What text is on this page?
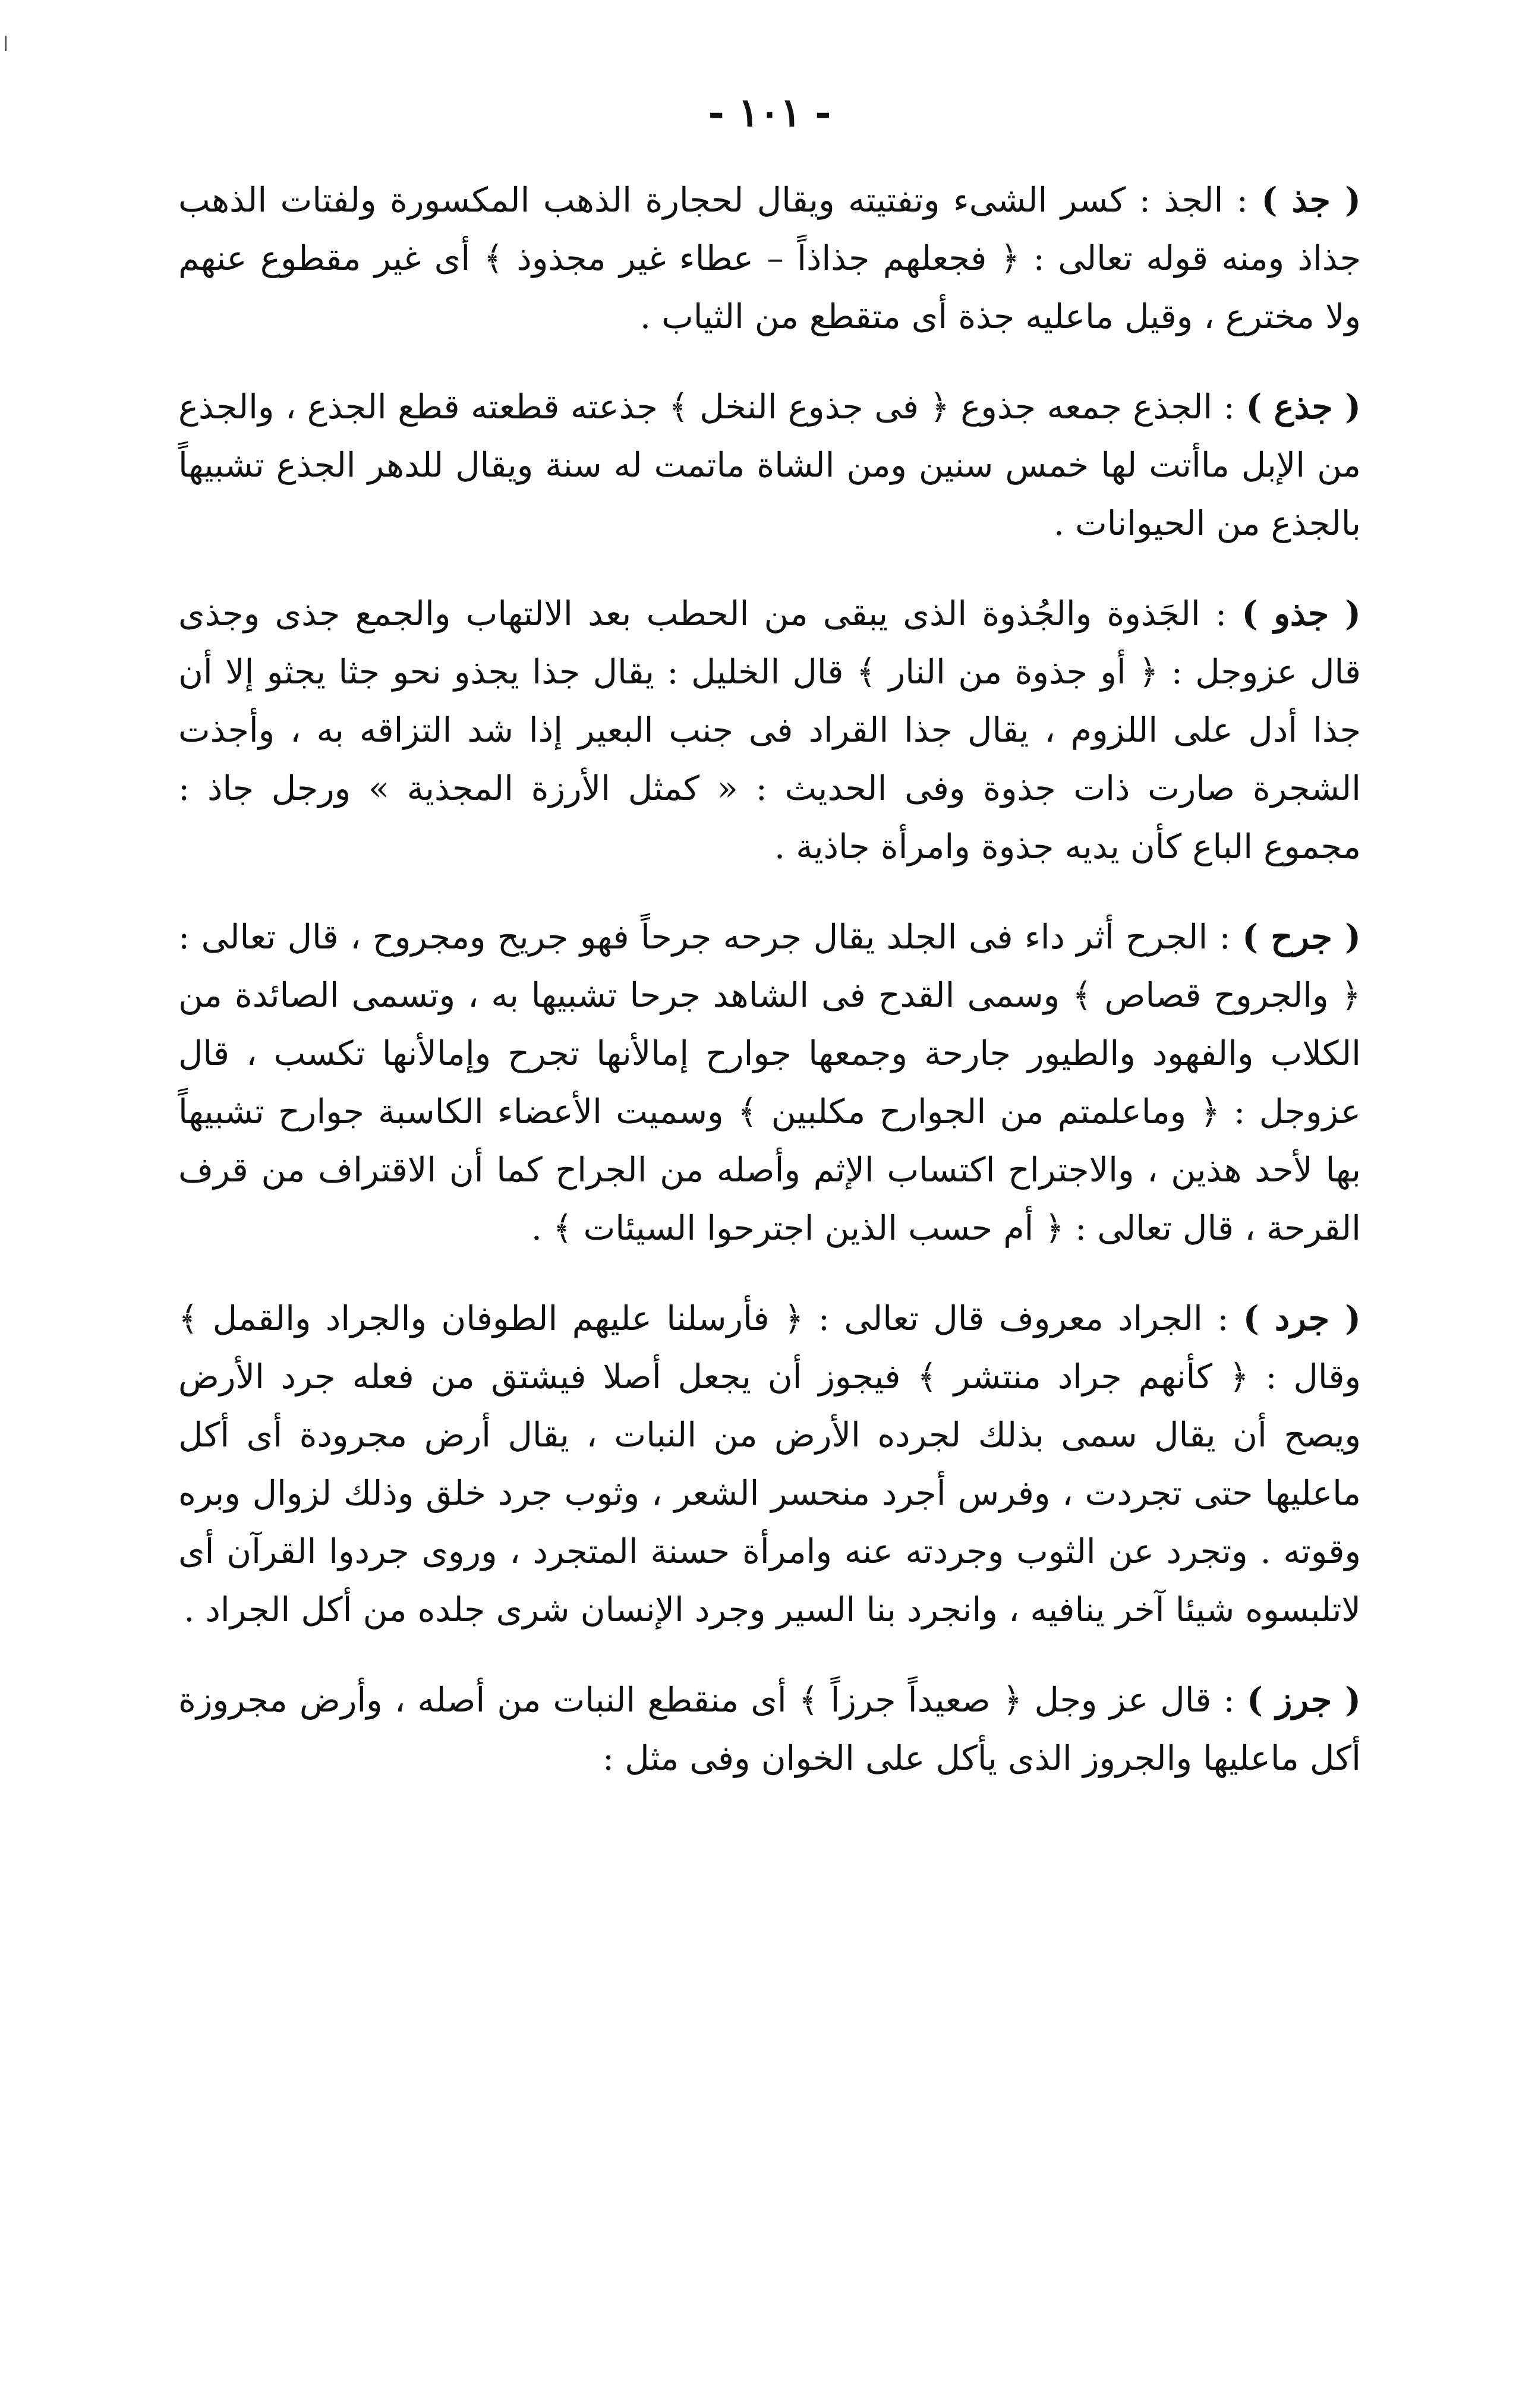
- ١٠١ -

( جذ ) : الجذ : كسر الشىء وتفتيته ويقال لحجارة الذهب المكسورة ولفتات الذهب جذاذ ومنه قوله تعالى : ﴿ فجعلهم جذاذاً – عطاء غير مجذوذ ﴾ أى غير مقطوع عنهم ولا مخترع ، وقيل ماعليه جذة أى متقطع من الثياب .

( جذع ) : الجذع جمعه جذوع ﴿ فى جذوع النخل ﴾ جذعته قطعته قطع الجذع ، والجذع من الإبل ماأتت لها خمس سنين ومن الشاة ماتمت له سنة ويقال للدهر الجذع تشبيهاً بالجذع من الحيوانات .

( جذو ) : الجَذوة والجُذوة الذى يبقى من الحطب بعد الالتهاب والجمع جذى وجذى قال عزوجل : ﴿ أو جذوة من النار ﴾ قال الخليل : يقال جذا يجذو نحو جثا يجثو إلا أن جذا أدل على اللزوم ، يقال جذا القراد فى جنب البعير إذا شد التزاقه به ، وأجذت الشجرة صارت ذات جذوة وفى الحديث : « كمثل الأرزة المجذية » ورجل جاذ : مجموع الباع كأن يديه جذوة وامرأة جاذية .

( جرح ) : الجرح أثر داء فى الجلد يقال جرحه جرحاً فهو جريح ومجروح ، قال تعالى : ﴿ والجروح قصاص ﴾ وسمى القدح فى الشاهد جرحا تشبيها به ، وتسمى الصائدة من الكلاب والفهود والطيور جارحة وجمعها جوارح إمالأنها تجرح وإمالأنها تكسب ، قال عزوجل : ﴿ وماعلمتم من الجوارح مكلبين ﴾ وسميت الأعضاء الكاسبة جوارح تشبيهاً بها لأحد هذين ، والاجتراح اكتساب الإثم وأصله من الجراح كما أن الاقتراف من قرف القرحة ، قال تعالى : ﴿ أم حسب الذين اجترحوا السيئات ﴾ .

( جرد ) : الجراد معروف قال تعالى : ﴿ فأرسلنا عليهم الطوفان والجراد والقمل ﴾ وقال : ﴿ كأنهم جراد منتشر ﴾ فيجوز أن يجعل أصلا فيشتق من فعله جرد الأرض ويصح أن يقال سمى بذلك لجرده الأرض من النبات ، يقال أرض مجرودة أى أكل ماعليها حتى تجردت ، وفرس أجرد منحسر الشعر ، وثوب جرد خلق وذلك لزوال وبره وقوته . وتجرد عن الثوب وجردته عنه وامرأة حسنة المتجرد ، وروى جردوا القرآن أى لاتلبسوه شيئا آخر ينافيه ، وانجرد بنا السير وجرد الإنسان شرى جلده من أكل الجراد .

( جرز ) : قال عز وجل ﴿ صعيداً جرزاً ﴾ أى منقطع النبات من أصله ، وأرض مجروزة أكل ماعليها والجروز الذى يأكل على الخوان وفى مثل :
